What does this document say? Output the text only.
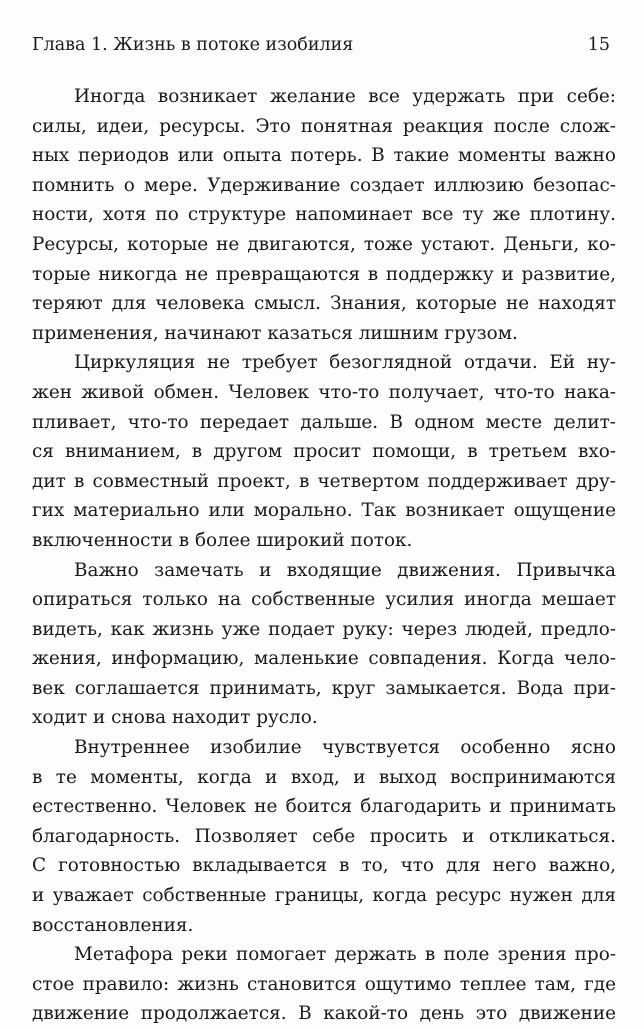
Глава 1. Жизнь в потоке изобилия	15

Иногда возникает желание все удержать при себе:
силы, идеи, ресурсы. Это понятная реакция после слож-
ных периодов или опыта потерь. В такие моменты важно
помнить о мере. Удерживание создает иллюзию безопас-
ности, хотя по структуре напоминает все ту же плотину.
Ресурсы, которые не двигаются, тоже устают. Деньги, ко-
торые никогда не превращаются в поддержку и развитие,
теряют для человека смысл. Знания, которые не находят
применения, начинают казаться лишним грузом.

Циркуляция не требует безоглядной отдачи. Ей ну-
жен живой обмен. Человек что-то получает, что-то нака-
пливает, что-то передает дальше. В одном месте делит-
ся вниманием, в другом просит помощи, в третьем вхо-
дит в совместный проект, в четвертом поддерживает дру-
гих материально или морально. Так возникает ощущение
включенности в более широкий поток.

Важно замечать и входящие движения. Привычка
опираться только на собственные усилия иногда мешает
видеть, как жизнь уже подает руку: через людей, предло-
жения, информацию, маленькие совпадения. Когда чело-
век соглашается принимать, круг замыкается. Вода при-
ходит и снова находит русло.

Внутреннее изобилие чувствуется особенно ясно
в те моменты, когда и вход, и выход воспринимаются
естественно. Человек не боится благодарить и принимать
благодарность. Позволяет себе просить и откликаться.
С готовностью вкладывается в то, что для него важно,
и уважает собственные границы, когда ресурс нужен для
восстановления.

Метафора реки помогает держать в поле зрения про-
стое правило: жизнь становится ощутимо теплее там, где
движение продолжается. В какой-то день это движение
